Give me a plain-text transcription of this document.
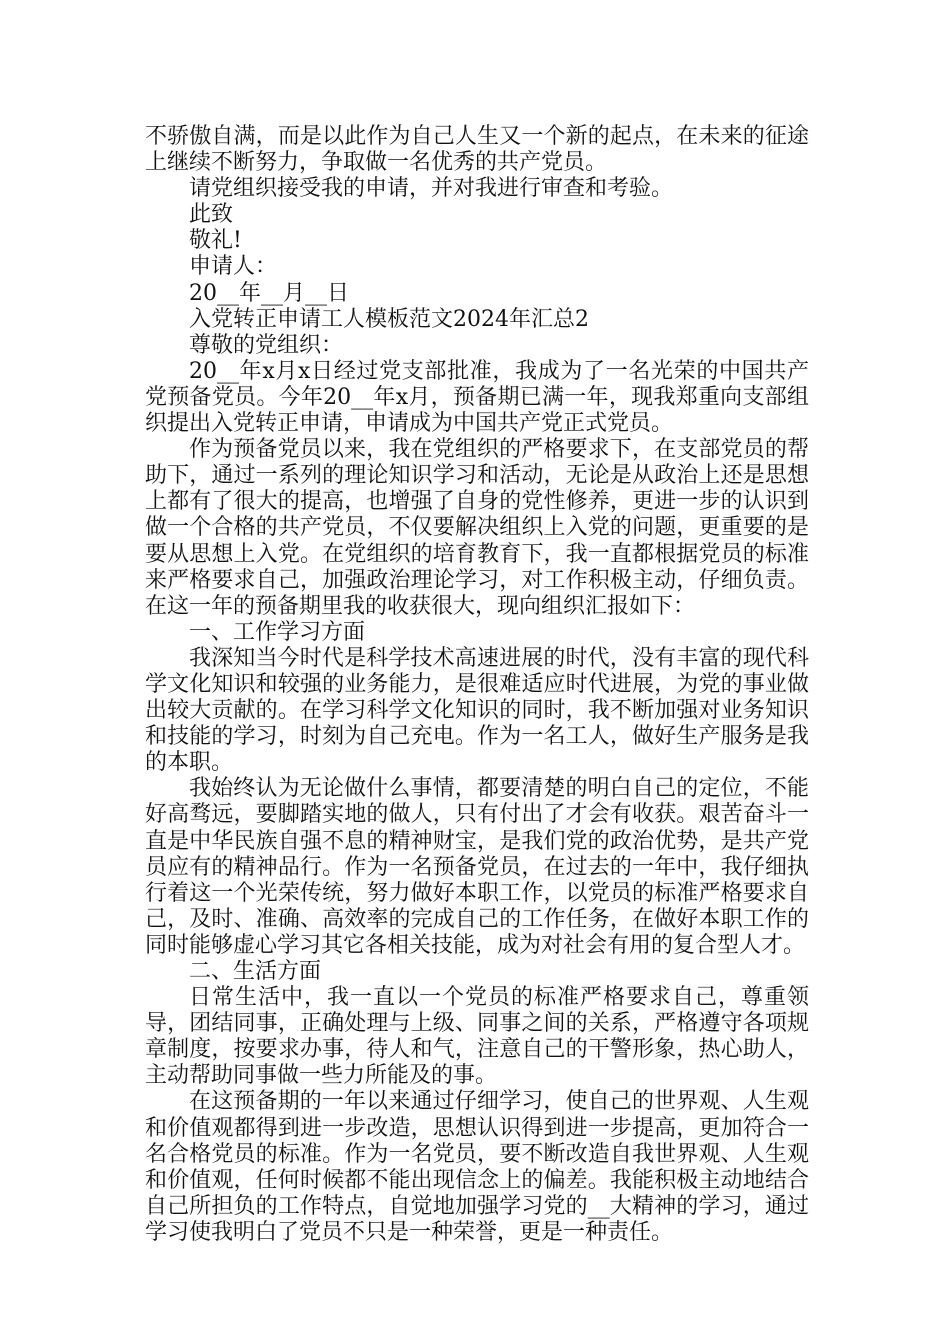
不骄傲自满，而是以此作为自己人生又一个新的起点，在未来的征途上继续不断努力，争取做一名优秀的共产党员。

请党组织接受我的申请，并对我进行审查和考验。

此致

敬礼!

申请人：

20__年__月__日

入党转正申请工人模板范文2024年汇总2

尊敬的党组织：

20__年x月x日经过党支部批准，我成为了一名光荣的中国共产党预备党员。今年20__年x月，预备期已满一年，现我郑重向支部组织提出入党转正申请，申请成为中国共产党正式党员。

作为预备党员以来，我在党组织的严格要求下，在支部党员的帮助下，通过一系列的理论知识学习和活动，无论是从政治上还是思想上都有了很大的提高，也增强了自身的党性修养，更进一步的认识到做一个合格的共产党员，不仅要解决组织上入党的问题，更重要的是要从思想上入党。在党组织的培育教育下，我一直都根据党员的标准来严格要求自己，加强政治理论学习，对工作积极主动，仔细负责。在这一年的预备期里我的收获很大，现向组织汇报如下：

一、工作学习方面

我深知当今时代是科学技术高速进展的时代，没有丰富的现代科学文化知识和较强的业务能力，是很难适应时代进展，为党的事业做出较大贡献的。在学习科学文化知识的同时，我不断加强对业务知识和技能的学习，时刻为自己充电。作为一名工人，做好生产服务是我的本职。

我始终认为无论做什么事情，都要清楚的明白自己的定位，不能好高骛远，要脚踏实地的做人，只有付出了才会有收获。艰苦奋斗一直是中华民族自强不息的精神财宝，是我们党的政治优势，是共产党员应有的精神品行。作为一名预备党员，在过去的一年中，我仔细执行着这一个光荣传统，努力做好本职工作，以党员的标准严格要求自己，及时、准确、高效率的完成自己的工作任务，在做好本职工作的同时能够虚心学习其它各相关技能，成为对社会有用的复合型人才。

二、生活方面

日常生活中，我一直以一个党员的标准严格要求自己，尊重领导，团结同事，正确处理与上级、同事之间的关系，严格遵守各项规章制度，按要求办事，待人和气，注意自己的干警形象，热心助人，主动帮助同事做一些力所能及的事。

在这预备期的一年以来通过仔细学习，使自己的世界观、人生观和价值观都得到进一步改造，思想认识得到进一步提高，更加符合一名合格党员的标准。作为一名党员，要不断改造自我世界观、人生观和价值观，任何时候都不能出现信念上的偏差。我能积极主动地结合自己所担负的工作特点，自觉地加强学习党的__大精神的学习，通过学习使我明白了党员不只是一种荣誉，更是一种责任。
